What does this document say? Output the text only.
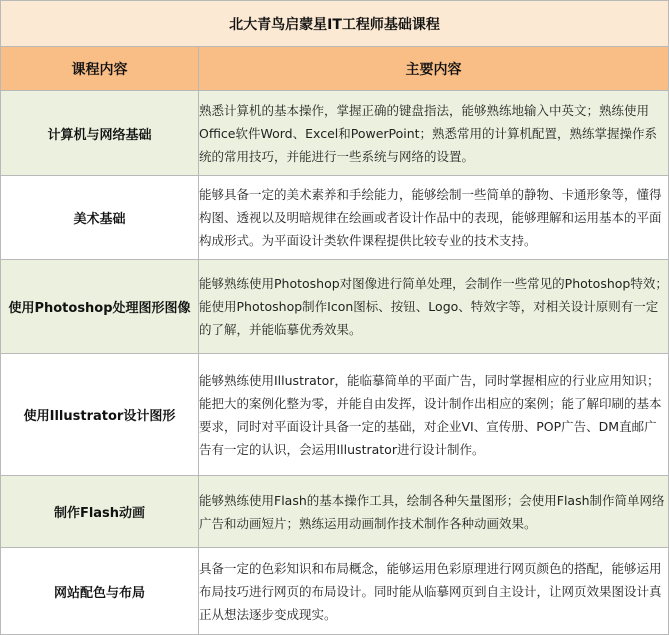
北大青鸟启蒙星IT工程师基础课程	
课程内容	主要内容
计算机与网络基础	熟悉计算机的基本操作，掌握正确的键盘指法，能够熟练地输入中英文；熟练使用Office软件Word、Excel和PowerPoint；熟悉常用的计算机配置，熟练掌握操作系统的常用技巧，并能进行一些系统与网络的设置。
美术基础	能够具备一定的美术素养和手绘能力，能够绘制一些简单的静物、卡通形象等，懂得构图、透视以及明暗规律在绘画或者设计作品中的表现，能够理解和运用基本的平面构成形式。为平面设计类软件课程提供比较专业的技术支持。
使用Photoshop处理图形图像	能够熟练使用Photoshop对图像进行简单处理，会制作一些常见的Photoshop特效；能使用Photoshop制作Icon图标、按钮、Logo、特效字等，对相关设计原则有一定的了解，并能临摹优秀效果。
使用Illustrator设计图形	能够熟练使用Illustrator，能临摹简单的平面广告，同时掌握相应的行业应用知识；能把大的案例化整为零，并能自由发挥，设计制作出相应的案例；能了解印刷的基本要求，同时对平面设计具备一定的基础，对企业VI、宣传册、POP广告、DM直邮广告有一定的认识，会运用Illustrator进行设计制作。
制作Flash动画	能够熟练使用Flash的基本操作工具，绘制各种矢量图形；会使用Flash制作简单网络广告和动画短片；熟练运用动画制作技术制作各种动画效果。
网站配色与布局	具备一定的色彩知识和布局概念，能够运用色彩原理进行网页颜色的搭配，能够运用布局技巧进行网页的布局设计。同时能从临摹网页到自主设计，让网页效果图设计真正从想法逐步变成现实。
